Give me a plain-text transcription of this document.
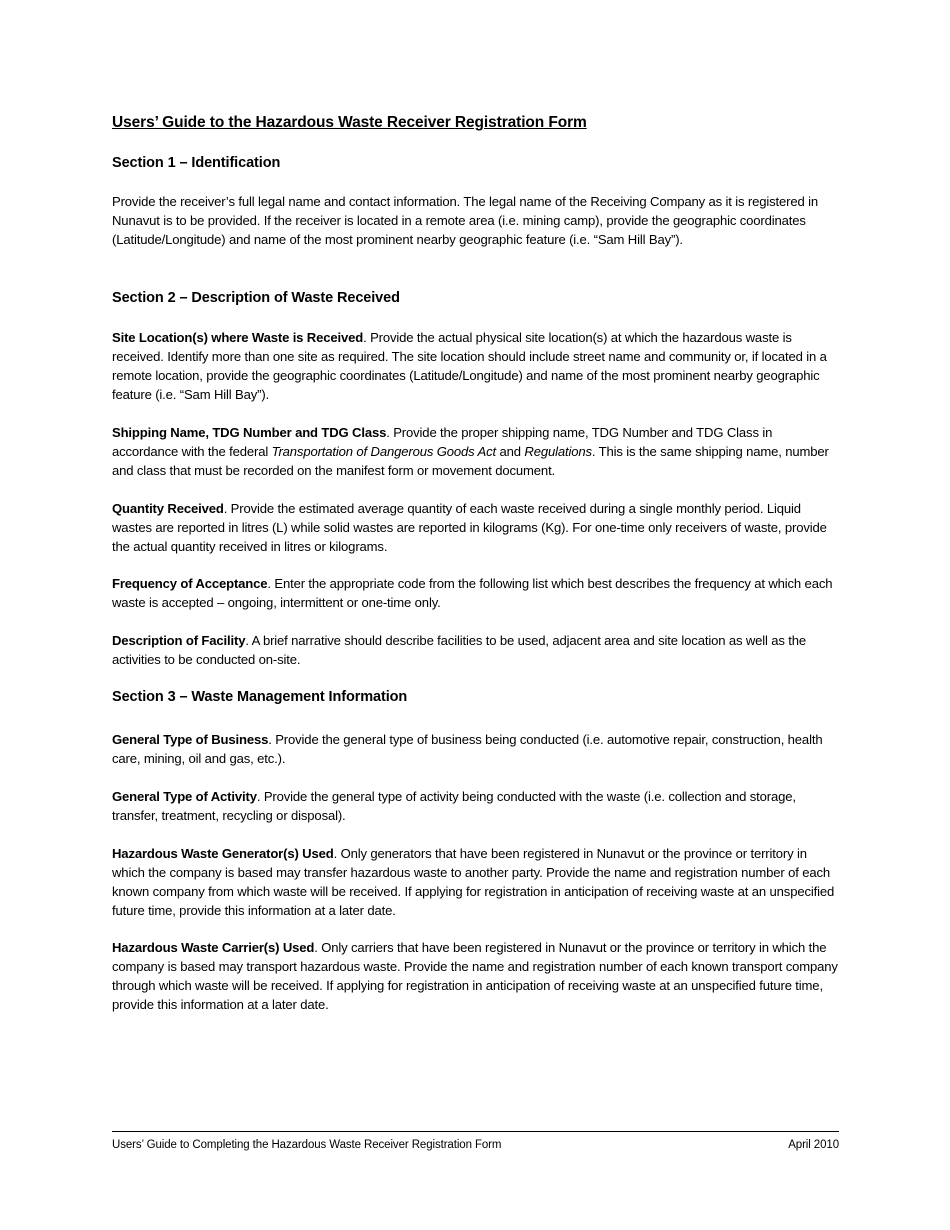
Users’ Guide to the Hazardous Waste Receiver Registration Form
Section 1 – Identification

Provide the receiver’s full legal name and contact information. The legal name of the Receiving Company as it is registered in Nunavut is to be provided. If the receiver is located in a remote area (i.e. mining camp), provide the geographic coordinates (Latitude/Longitude) and name of the most prominent nearby geographic feature (i.e. “Sam Hill Bay”).

Section 2 – Description of Waste Received

Site Location(s) where Waste is Received. Provide the actual physical site location(s) at which the hazardous waste is received. Identify more than one site as required. The site location should include street name and community or, if located in a remote location, provide the geographic coordinates (Latitude/Longitude) and name of the most prominent nearby geographic feature (i.e. “Sam Hill Bay”).

Shipping Name, TDG Number and TDG Class. Provide the proper shipping name, TDG Number and TDG Class in accordance with the federal Transportation of Dangerous Goods Act and Regulations. This is the same shipping name, number and class that must be recorded on the manifest form or movement document.

Quantity Received. Provide the estimated average quantity of each waste received during a single monthly period. Liquid wastes are reported in litres (L) while solid wastes are reported in kilograms (Kg). For one-time only receivers of waste, provide the actual quantity received in litres or kilograms.

Frequency of Acceptance. Enter the appropriate code from the following list which best describes the frequency at which each waste is accepted – ongoing, intermittent or one-time only.

Description of Facility. A brief narrative should describe facilities to be used, adjacent area and site location as well as the activities to be conducted on-site.

Section 3 – Waste Management Information

General Type of Business. Provide the general type of business being conducted (i.e. automotive repair, construction, health care, mining, oil and gas, etc.).

General Type of Activity. Provide the general type of activity being conducted with the waste (i.e. collection and storage, transfer, treatment, recycling or disposal).

Hazardous Waste Generator(s) Used. Only generators that have been registered in Nunavut or the province or territory in which the company is based may transfer hazardous waste to another party. Provide the name and registration number of each known company from which waste will be received. If applying for registration in anticipation of receiving waste at an unspecified future time, provide this information at a later date.

Hazardous Waste Carrier(s) Used. Only carriers that have been registered in Nunavut or the province or territory in which the company is based may transport hazardous waste. Provide the name and registration number of each known transport company through which waste will be received. If applying for registration in anticipation of receiving waste at an unspecified future time, provide this information at a later date.

Users’ Guide to Completing the Hazardous Waste Receiver Registration Form	April 2010
